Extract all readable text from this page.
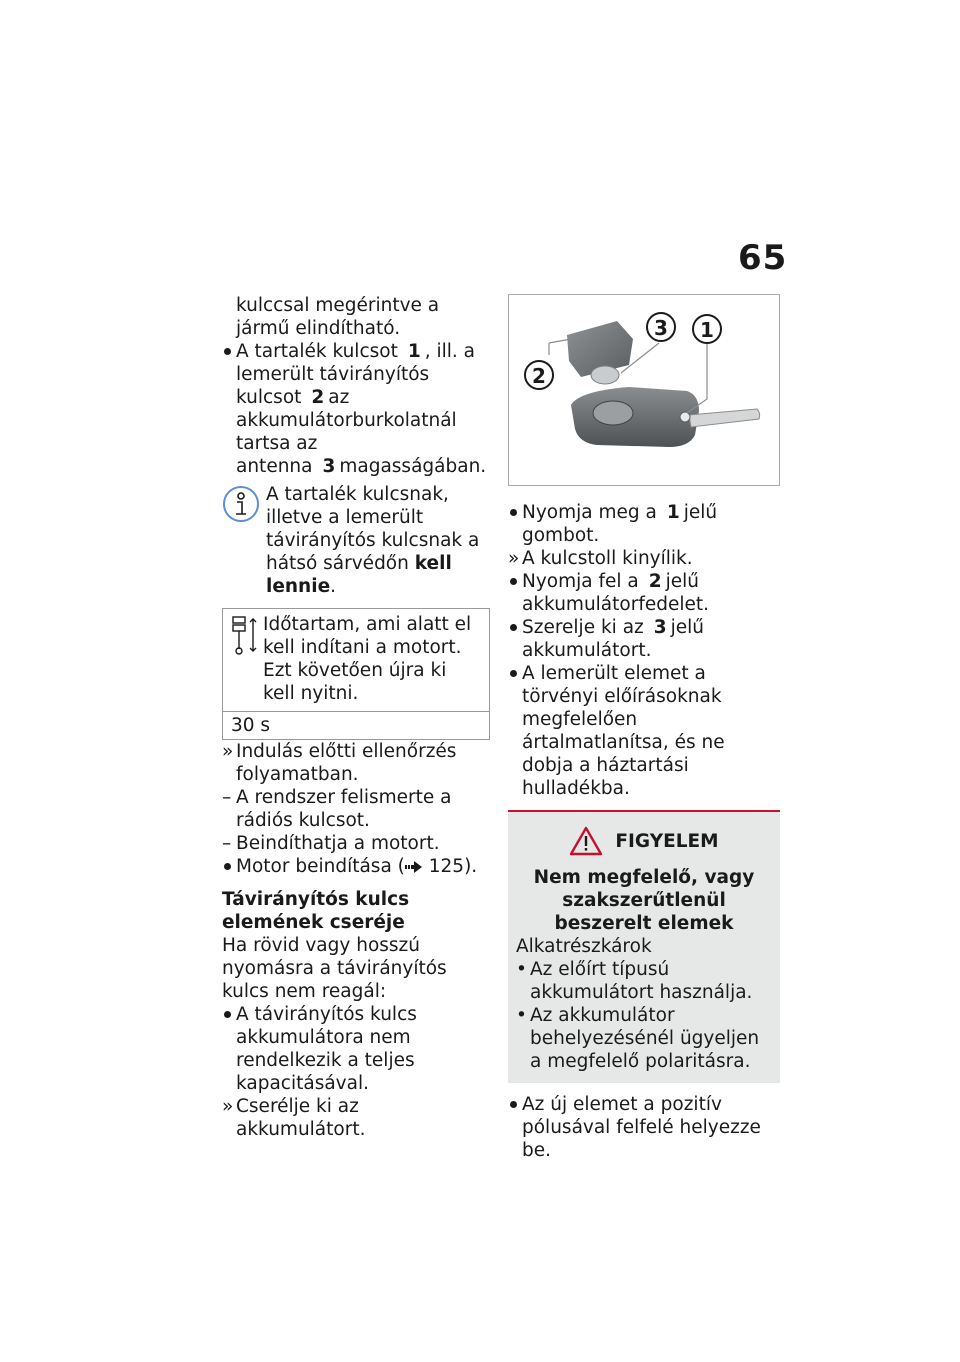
65
kulccsal megérintve a jármű elindítható.
A tartalék kulcsot 1 , ill. a lemerült távirányítós kulcsot 2 az akkumulátorburkolatnál tartsa az antenna 3 magasságában.
A tartalék kulcsnak, illetve a lemerült távirányítós kulcsnak a hátsó sárvédőn kell lennie.
Időtartam, ami alatt el kell indítani a motort. Ezt követően újra ki kell nyitni.
30 s
» Indulás előtti ellenőrzés folyamatban.
– A rendszer felismerte a rádiós kulcsot.
– Beindíthatja a motort.
Motor beindítása ( 125).
Távirányítós kulcs elemének cseréje
Ha rövid vagy hosszú nyomásra a távirányítós kulcs nem reagál:
A távirányítós kulcs akkumulátora nem rendelkezik a teljes kapacitásával.
» Cserélje ki az akkumulátort.
2
3 1
Nyomja meg a 1 jelű gombot.
» A kulcstoll kinyílik.
Nyomja fel a 2 jelű akkumulátorfedelet.
Szerelje ki az 3 jelű akkumulátort.
A lemerült elemet a törvényi előírásoknak megfelelően ártalmatlanítsa, és ne dobja a háztartási hulladékba.
FIGYELEM
Nem megfelelő, vagy szakszerűtlenül beszerelt elemek
Alkatrészkárok
• Az előírt típusú akkumulátort használja.
• Az akkumulátor behelyezésénél ügyeljen a megfelelő polaritásra.
Az új elemet a pozitív pólusával felfelé helyezze be.
